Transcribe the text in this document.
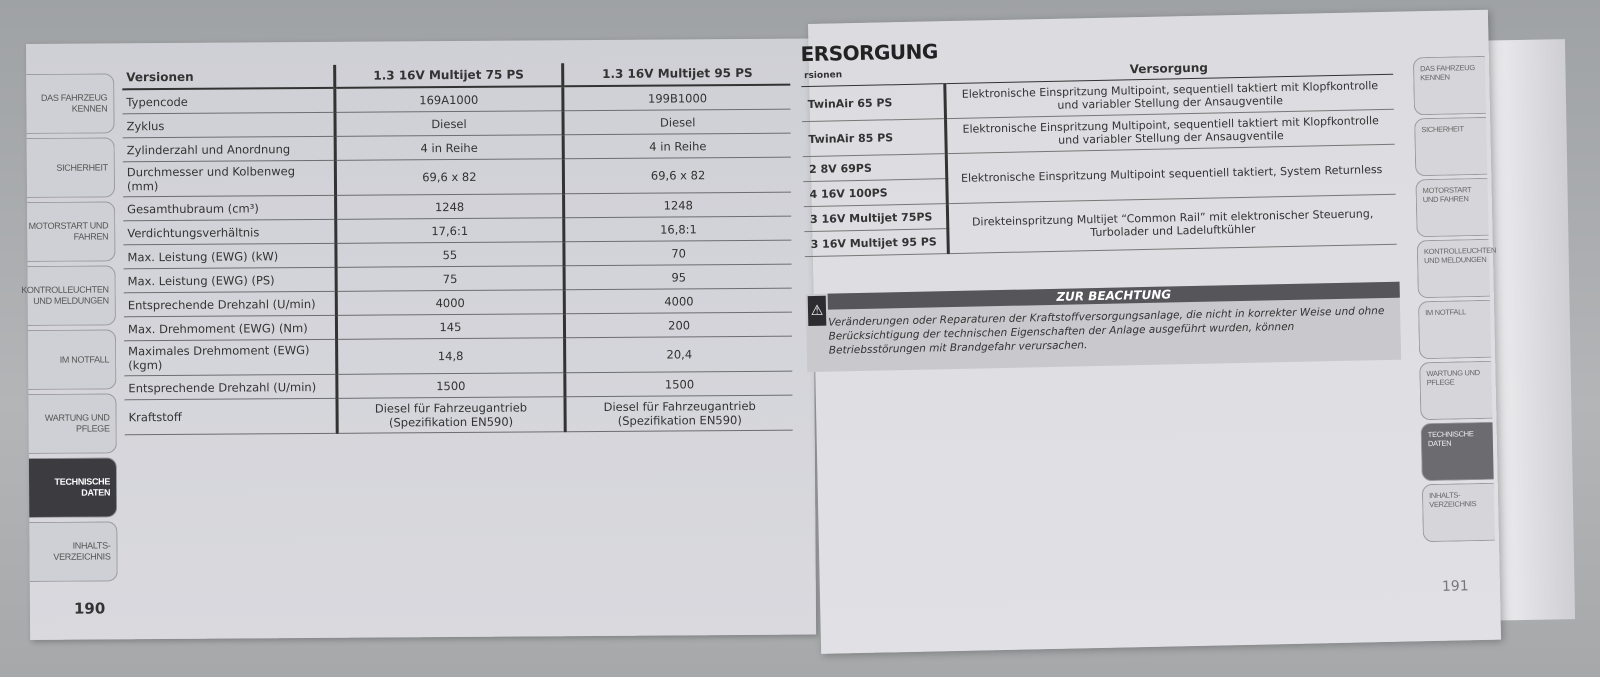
DAS FAHRZEUG KENNEN
SICHERHEIT
MOTORSTART UND FAHREN
KONTROLLEUCHTEN UND MELDUNGEN
IM NOTFALL
WARTUNG UND PFLEGE
TECHNISCHE DATEN
INHALTS-VERZEICHNIS
Versionen	1.3 16V Multijet 75 PS	1.3 16V Multijet 95 PS
Typencode	169A1000	199B1000
Zyklus	Diesel	Diesel
Zylinderzahl und Anordnung	4 in Reihe	4 in Reihe
Durchmesser und Kolbenweg (mm)	69,6 x 82	69,6 x 82
Gesamthubraum (cm³)	1248	1248
Verdichtungsverhältnis	17,6:1	16,8:1
Max. Leistung (EWG) (kW)	55	70
Max. Leistung (EWG) (PS)	75	95
Entsprechende Drehzahl (U/min)	4000	4000
Max. Drehmoment (EWG) (Nm)	145	200
Maximales Drehmoment (EWG) (kgm)	14,8	20,4
Entsprechende Drehzahl (U/min)	1500	1500
Kraftstoff	Diesel für Fahrzeugantrieb (Spezifikation EN590)	Diesel für Fahrzeugantrieb (Spezifikation EN590)
190
ERSORGUNG
rsionen	Versorgung
TwinAir 65 PS	Elektronische Einspritzung Multipoint, sequentiell taktiert mit Klopfkontrolle und variabler Stellung der Ansaugventile
TwinAir 85 PS	Elektronische Einspritzung Multipoint, sequentiell taktiert mit Klopfkontrolle und variabler Stellung der Ansaugventile
2 8V 69PS	Elektronische Einspritzung Multipoint sequentiell taktiert, System Returnless
4 16V 100PS	
3 16V Multijet 75PS	Direkteinspritzung Multijet “Common Rail” mit elektronischer Steuerung, Turbolader und Ladeluftkühler
3 16V Multijet 95 PS	
⚠
ZUR BEACHTUNG
Veränderungen oder Reparaturen der Kraftstoffversorgungsanlage, die nicht in korrekter Weise und ohne Berücksichtigung der technischen Eigenschaften der Anlage ausgeführt wurden, können Betriebsstörungen mit Brandgefahr verursachen.
DAS FAHRZEUG KENNEN
SICHERHEIT
MOTORSTART UND FAHREN
KONTROLLEUCHTEN UND MELDUNGEN
IM NOTFALL
WARTUNG UND PFLEGE
TECHNISCHE DATEN
INHALTS-VERZEICHNIS
191
